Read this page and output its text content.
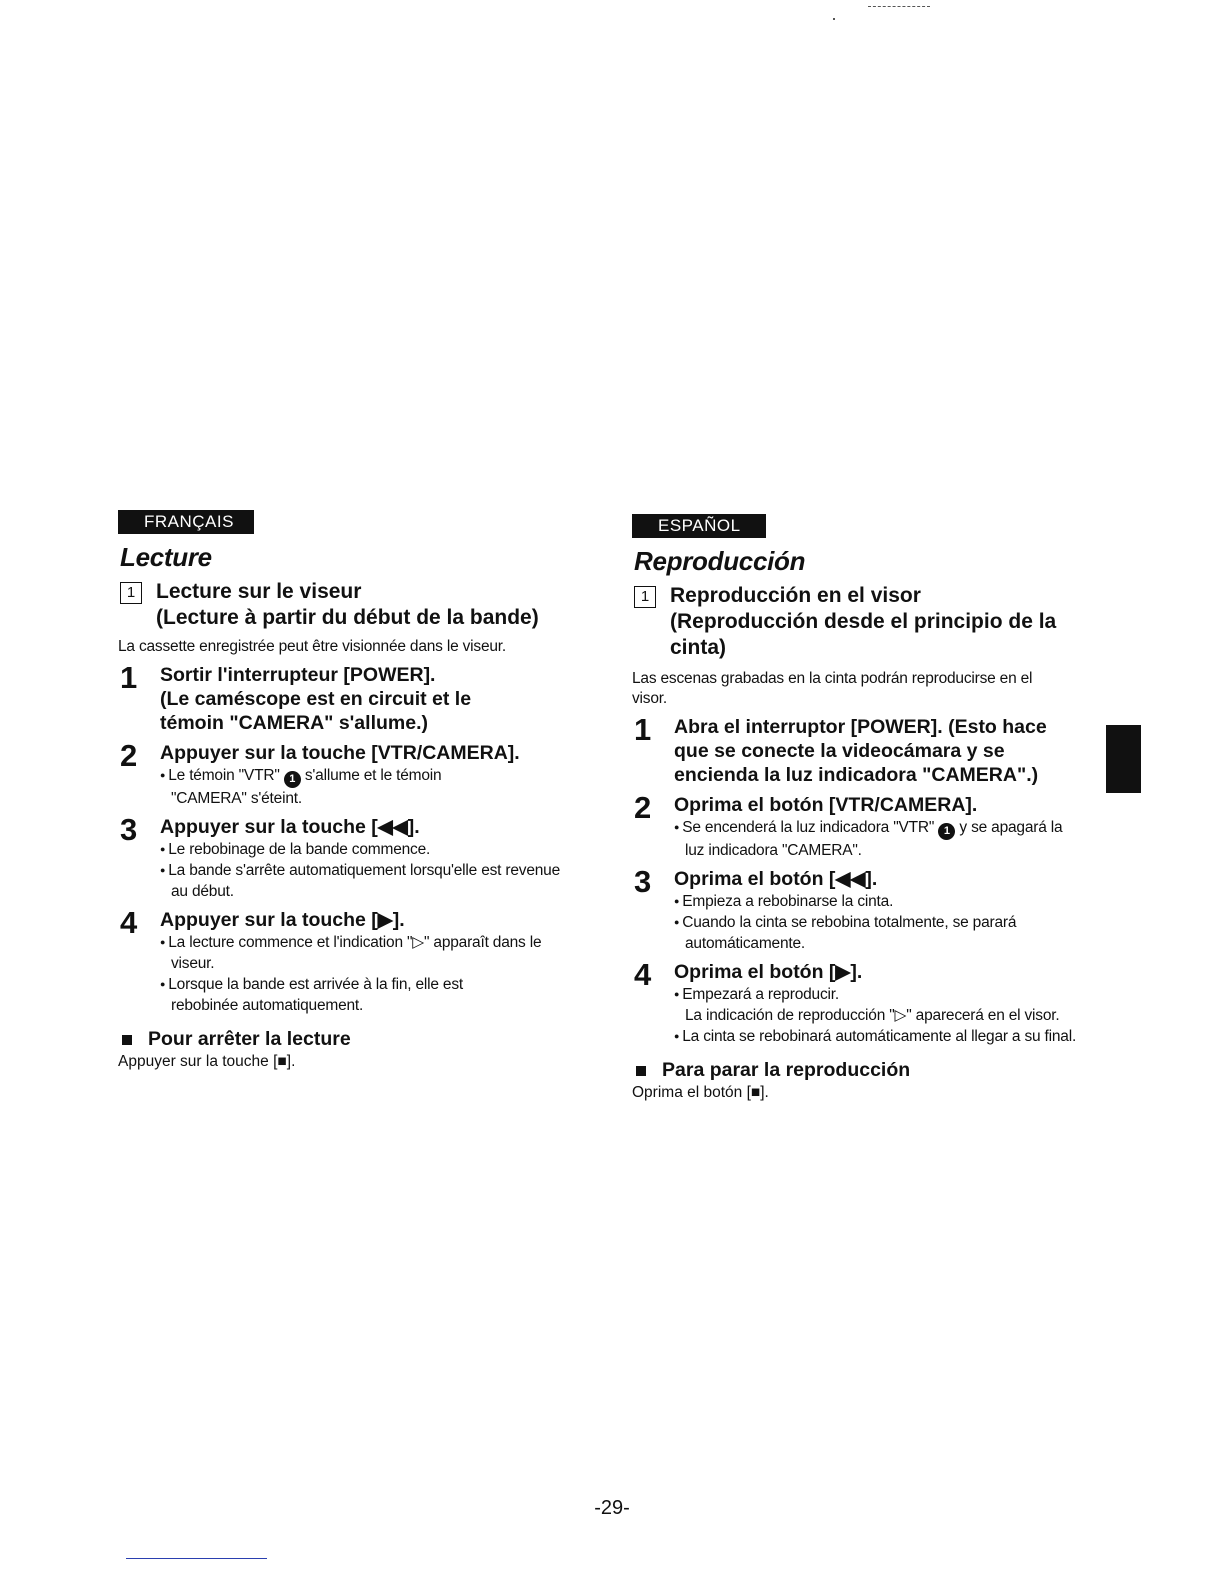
FRANÇAIS
Lecture
1 Lecture sur le viseur
(Lecture à partir du début de la bande)
La cassette enregistrée peut être visionnée dans le viseur.
1	Sortir l'interrupteur [POWER].
(Le caméscope est en circuit et le témoin "CAMERA" s'allume.)
2	Appuyer sur la touche [VTR/CAMERA].
● Le témoin "VTR" 1 s'allume et le témoin "CAMERA" s'éteint.
3	Appuyer sur la touche [◀◀].
● Le rebobinage de la bande commence.
● La bande s'arrête automatiquement lorsqu'elle est revenue au début.
4	Appuyer sur la touche [▶].
● La lecture commence et l'indication "▷" apparaît dans le viseur.
● Lorsque la bande est arrivée à la fin, elle est rebobinée automatiquement.
Pour arrêter la lecture
Appuyer sur la touche [■].
ESPAÑOL
Reproducción
1 Reproducción en el visor
(Reproducción desde el principio de la cinta)
Las escenas grabadas en la cinta podrán reproducirse en el visor.
1	Abra el interruptor [POWER]. (Esto hace que se conecte la videocámara y se encienda la luz indicadora "CAMERA".)
2	Oprima el botón [VTR/CAMERA].
● Se encenderá la luz indicadora "VTR" 1 y se apagará la luz indicadora "CAMERA".
3	Oprima el botón [◀◀].
● Empieza a rebobinarse la cinta.
● Cuando la cinta se rebobina totalmente, se parará automáticamente.
4	Oprima el botón [▶].
● Empezará a reproducir.
La indicación de reproducción "▷" aparecerá en el visor.
● La cinta se rebobinará automáticamente al llegar a su final.
Para parar la reproducción
Oprima el botón [■].
-29-
